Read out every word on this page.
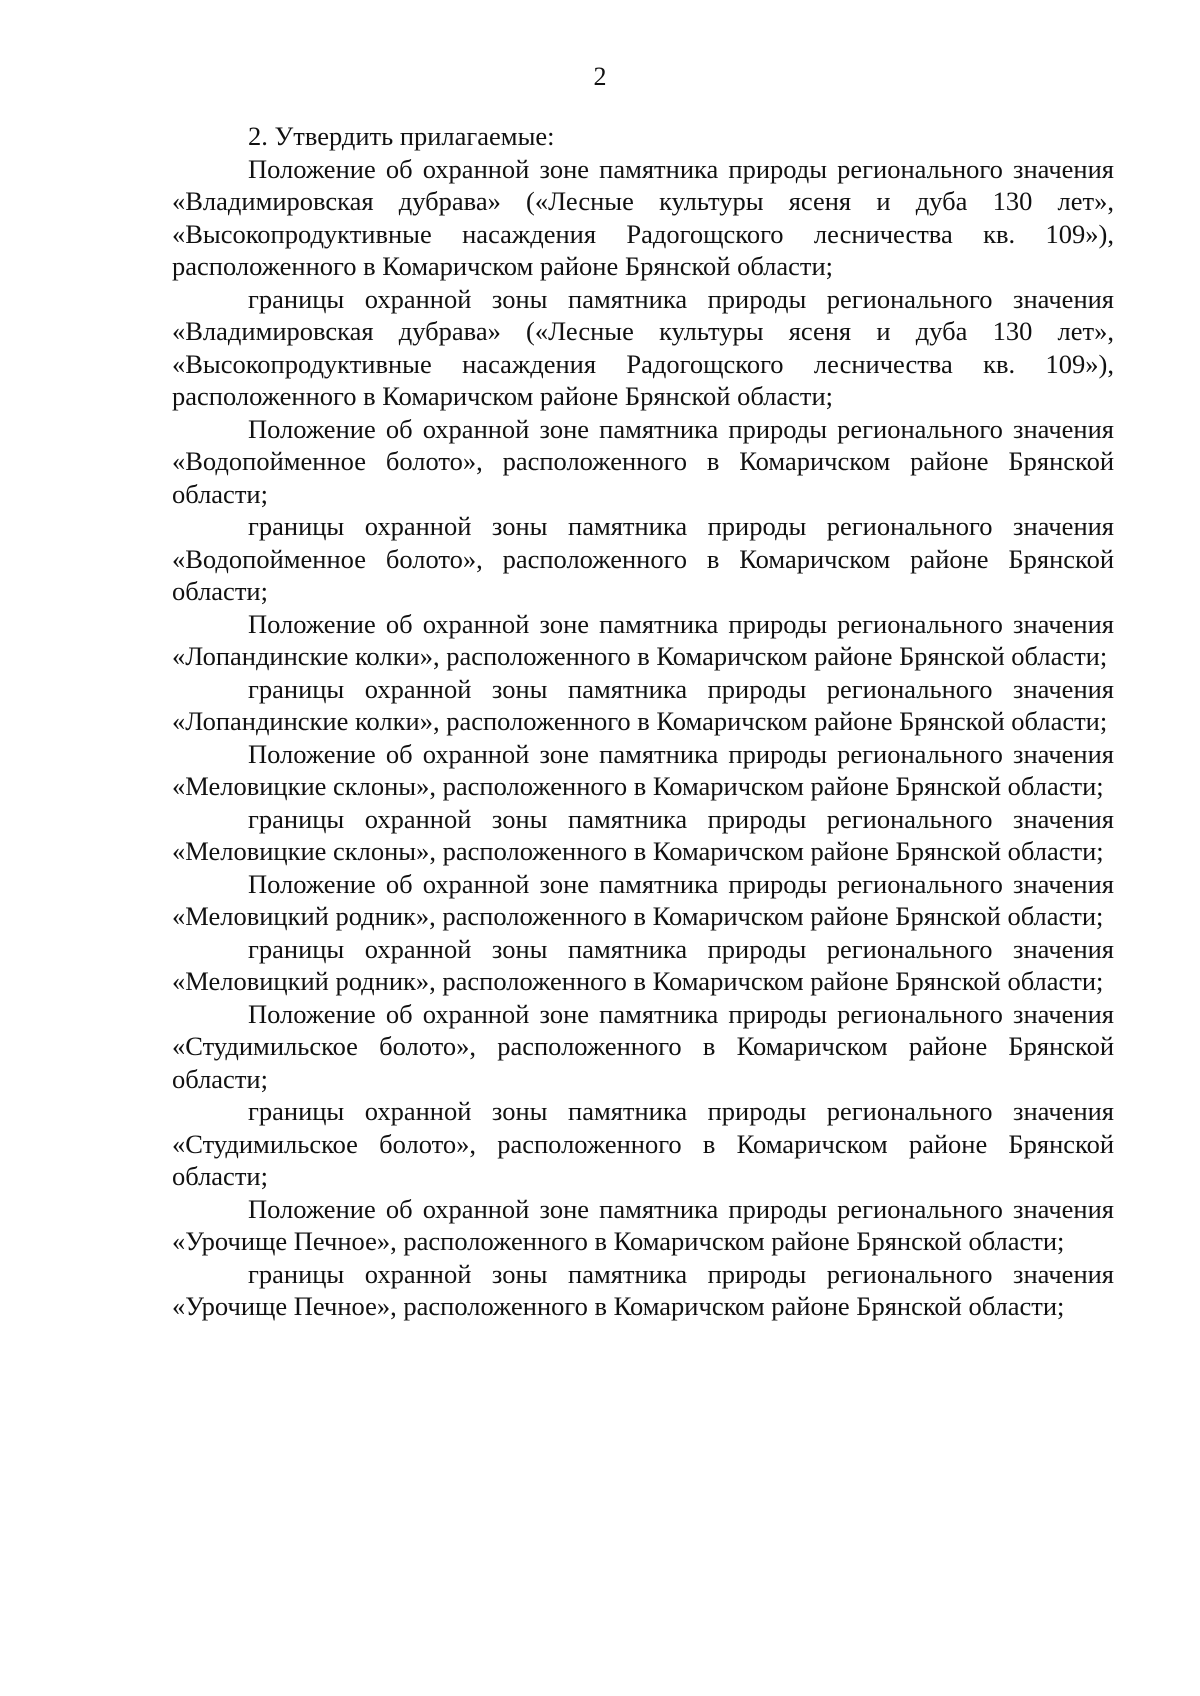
2

2. Утвердить прилагаемые:

Положение об охранной зоне памятника природы регионального значения «Владимировская дубрава» («Лесные культуры ясеня и дуба 130 лет», «Высокопродуктивные насаждения Радогощского лесничества кв. 109»), расположенного в Комаричском районе Брянской области;

границы охранной зоны памятника природы регионального значения «Владимировская дубрава» («Лесные культуры ясеня и дуба 130 лет», «Высокопродуктивные насаждения Радогощского лесничества кв. 109»), расположенного в Комаричском районе Брянской области;

Положение об охранной зоне памятника природы регионального значения «Водопойменное болото», расположенного в Комаричском районе Брянской области;

границы охранной зоны памятника природы регионального значения «Водопойменное болото», расположенного в Комаричском районе Брянской области;

Положение об охранной зоне памятника природы регионального значения «Лопандинские колки», расположенного в Комаричском районе Брянской области;

границы охранной зоны памятника природы регионального значения «Лопандинские колки», расположенного в Комаричском районе Брянской области;

Положение об охранной зоне памятника природы регионального значения «Меловицкие склоны», расположенного в Комаричском районе Брянской области;

границы охранной зоны памятника природы регионального значения «Меловицкие склоны», расположенного в Комаричском районе Брянской области;

Положение об охранной зоне памятника природы регионального значения «Меловицкий родник», расположенного в Комаричском районе Брянской области;

границы охранной зоны памятника природы регионального значения «Меловицкий родник», расположенного в Комаричском районе Брянской области;

Положение об охранной зоне памятника природы регионального значения «Студимильское болото», расположенного в Комаричском районе Брянской области;

границы охранной зоны памятника природы регионального значения «Студимильское болото», расположенного в Комаричском районе Брянской области;

Положение об охранной зоне памятника природы регионального значения «Урочище Печное», расположенного в Комаричском районе Брянской области;

границы охранной зоны памятника природы регионального значения «Урочище Печное», расположенного в Комаричском районе Брянской области;
